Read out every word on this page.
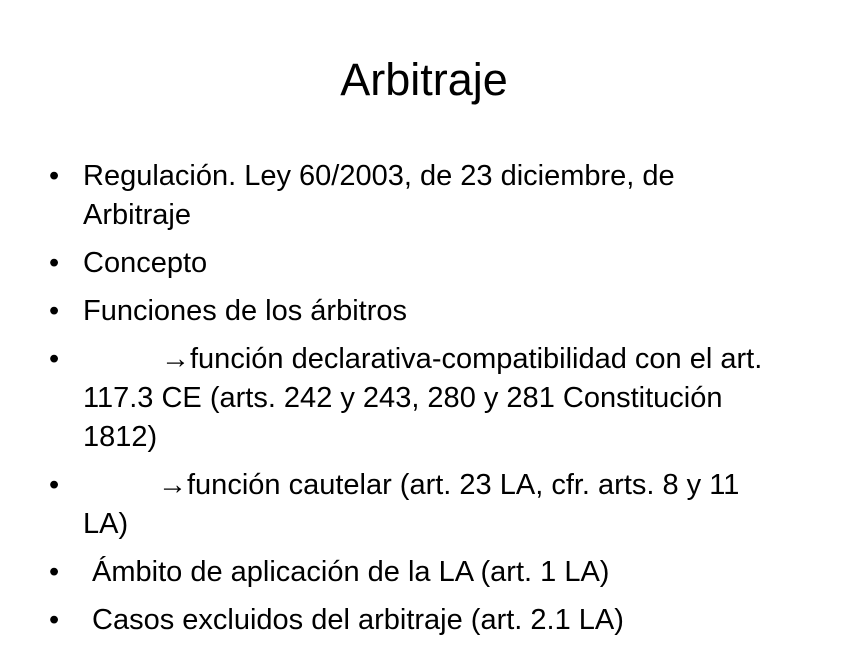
Arbitraje
• Regulación. Ley 60/2003, de 23 diciembre, de Arbitraje
• Concepto
• Funciones de los árbitros
•	→función declarativa-compatibilidad con el art. 117.3 CE (arts. 242 y 243, 280 y 281 Constitución 1812)
•	→función cautelar (art. 23 LA, cfr. arts. 8 y 11 LA)
• Ámbito de aplicación de la LA (art. 1 LA)
• Casos excluidos del arbitraje (art. 2.1 LA)
